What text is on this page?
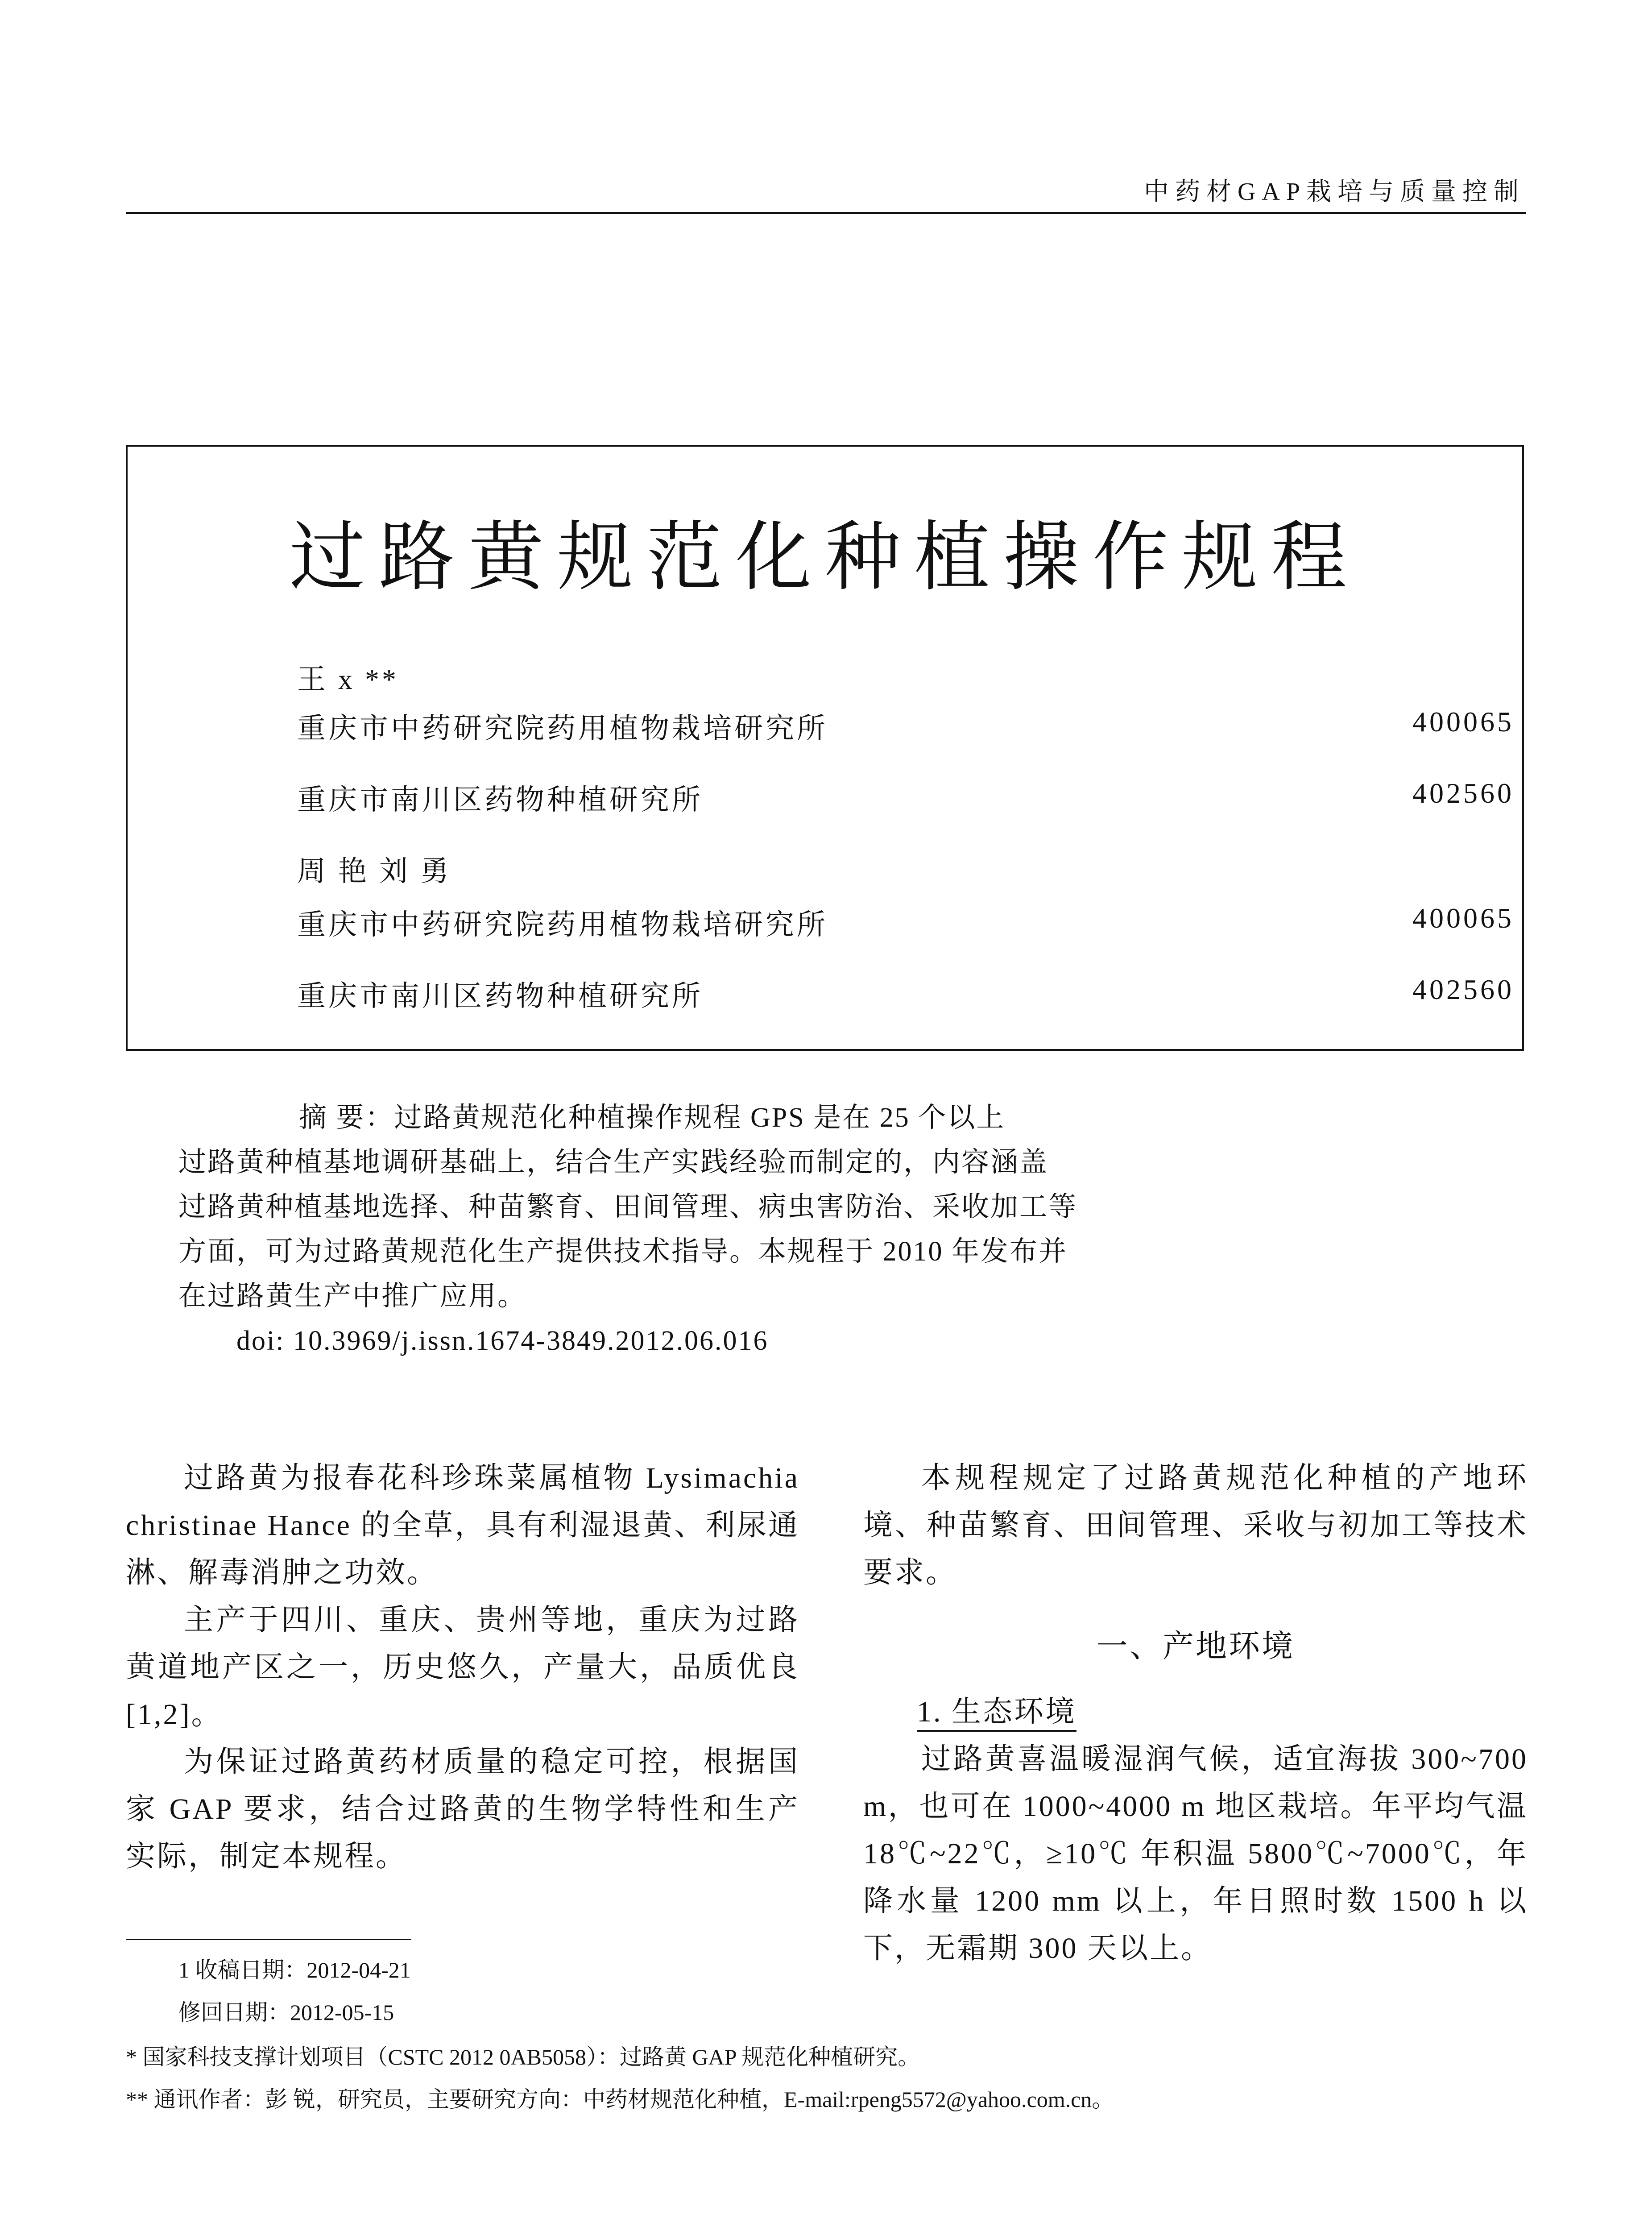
中药材GAP栽培与质量控制
过路黄规范化种植操作规程
王 x **
重庆市中药研究院药用植物栽培研究所	400065
重庆市南川区药物种植研究所	402560
周 艳 刘 勇
重庆市中药研究院药用植物栽培研究所	400065
重庆市南川区药物种植研究所	402560

摘 要：过路黄规范化种植操作规程 GPS 是在 25 个以上

过路黄种植基地调研基础上，结合生产实践经验而制定的，内容涵盖

过路黄种植基地选择、种苗繁育、田间管理、病虫害防治、采收加工等

方面，可为过路黄规范化生产提供技术指导。本规程于 2010 年发布并

在过路黄生产中推广应用。

doi: 10.3969/j.issn.1674-3849.2012.06.016

过路黄为报春花科珍珠菜属植物 Lysimachia christinae Hance 的全草，具有利湿退黄、利尿通淋、解毒消肿之功效。

主产于四川、重庆、贵州等地，重庆为过路黄道地产区之一，历史悠久，产量大，品质优良 [1,2]。

为保证过路黄药材质量的稳定可控，根据国家 GAP 要求，结合过路黄的生物学特性和生产实际，制定本规程。

本规程规定了过路黄规范化种植的产地环境、种苗繁育、田间管理、采收与初加工等技术要求。

一、产地环境

1. 生态环境

过路黄喜温暖湿润气候，适宜海拔 300~700 m，也可在 1000~4000 m 地区栽培。年平均气温 18℃~22℃，≥10℃ 年积温 5800℃~7000℃，年降水量 1200 mm 以上，年日照时数 1500 h 以下，无霜期 300 天以上。

1 收稿日期：2012-04-21
修回日期：2012-05-15
* 国家科技支撑计划项目（CSTC 2012 0AB5058）：过路黄 GAP 规范化种植研究。
** 通讯作者：彭 锐，研究员，主要研究方向：中药材规范化种植，E-mail:rpeng5572@yahoo.com.cn。
